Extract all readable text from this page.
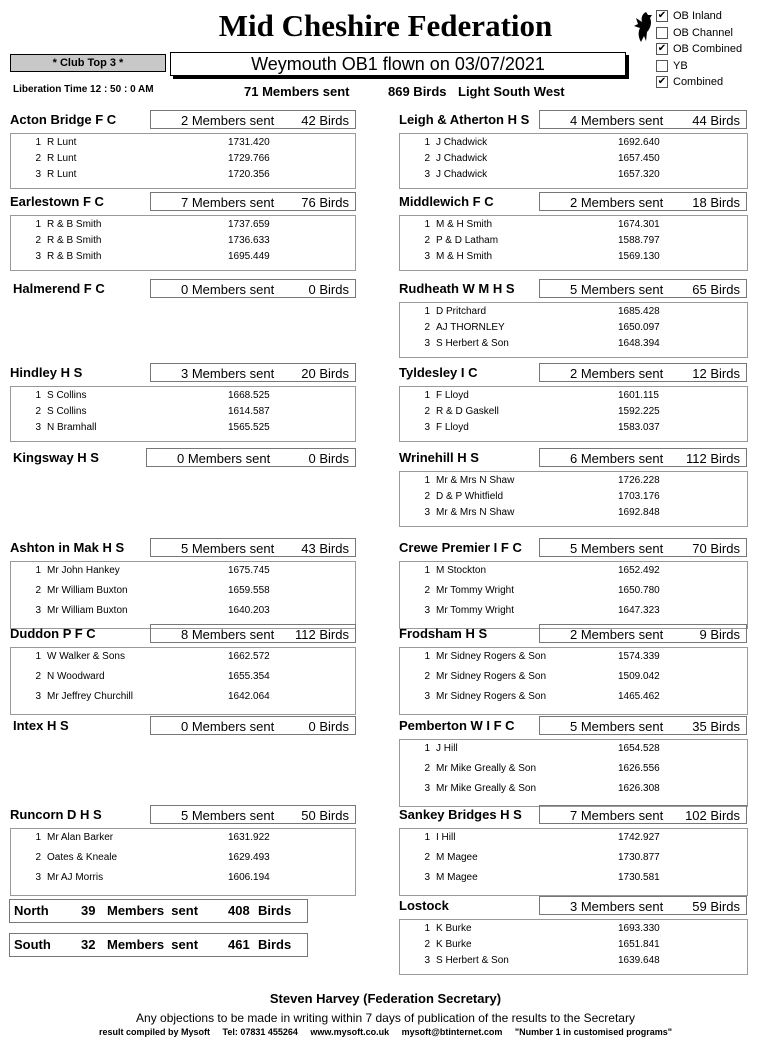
Mid Cheshire Federation	✔ OB Inland
OB Channel
✔ OB Combined
YB
✔ Combined
* Club Top 3 *	Weymouth OB1 flown on 03/07/2021
Liberation Time 12 : 50 : 0 AM	71 Members sent	869 Birds Light South West
Acton Bridge F C	2 Members sent 42 Birds
1 R Lunt	1731.420
2 R Lunt	1729.766
3 R Lunt	1720.356
Earlestown F C	7 Members sent 76 Birds
1 R & B Smith	1737.659
2 R & B Smith	1736.633
3 R & B Smith	1695.449
Halmerend F C	0 Members sent	0 Birds
Hindley H S	3 Members sent 20 Birds
1 S Collins	1668.525
2 S Collins	1614.587
3 N Bramhall	1565.525
Kingsway H S	0 Members sent	0 Birds
Ashton in Mak H S	5 Members sent 43 Birds
1 Mr John Hankey	1675.745
2 Mr William Buxton	1659.558
3 Mr William Buxton	1640.203
Duddon P F C	8 Members sent 112 Birds
1 W Walker & Sons	1662.572
2 N Woodward	1655.354
3 Mr Jeffrey Churchill	1642.064
Intex H S	0 Members sent	0 Birds
Runcorn D H S	5 Members sent 50 Birds
1 Mr Alan Barker	1631.922
2 Oates & Kneale	1629.493
3 Mr AJ Morris	1606.194
Leigh & Atherton H S	4 Members sent 44 Birds
1 J Chadwick	1692.640
2 J Chadwick	1657.450
3 J Chadwick	1657.320
Middlewich F C	2 Members sent 18 Birds
1 M & H Smith	1674.301
2 P & D Latham	1588.797
3 M & H Smith	1569.130
Rudheath W M H S	5 Members sent 65 Birds
1 D Pritchard	1685.428
2 AJ THORNLEY	1650.097
3 S Herbert & Son	1648.394
Tyldesley I C	2 Members sent 12 Birds
1 F Lloyd	1601.115
2 R & D Gaskell	1592.225
3 F Lloyd	1583.037
Wrinehill H S	6 Members sent 112 Birds
1 Mr & Mrs N Shaw	1726.228
2 D & P Whitfield	1703.176
3 Mr & Mrs N Shaw	1692.848
Crewe Premier I F C	5 Members sent 70 Birds
1 M Stockton	1652.492
2 Mr Tommy Wright	1650.780
3 Mr Tommy Wright	1647.323
Frodsham H S	2 Members sent	9 Birds
1 Mr Sidney Rogers & Son	1574.339
2 Mr Sidney Rogers & Son	1509.042
3 Mr Sidney Rogers & Son	1465.462
Pemberton W I F C	5 Members sent 35 Birds
1 J Hill	1654.528
2 Mr Mike Greally & Son	1626.556
3 Mr Mike Greally & Son	1626.308
Sankey Bridges H S	7 Members sent 102 Birds
1 I Hill	1742.927
2 M Magee	1730.877
3 M Magee	1730.581
Lostock	3 Members sent 59 Birds
1 K Burke	1693.330
2 K Burke	1651.841
3 S Herbert & Son	1639.648
North 39 Members  sent 408 Birds
South 32 Members  sent 461 Birds
Steven Harvey (Federation Secretary)
Any objections to be made in writing within 7 days of publication of the results to the Secretary
result compiled by Mysoft     Tel: 07831 455264     www.mysoft.co.uk     mysoft@btinternet.com     "Number 1 in customised programs"
